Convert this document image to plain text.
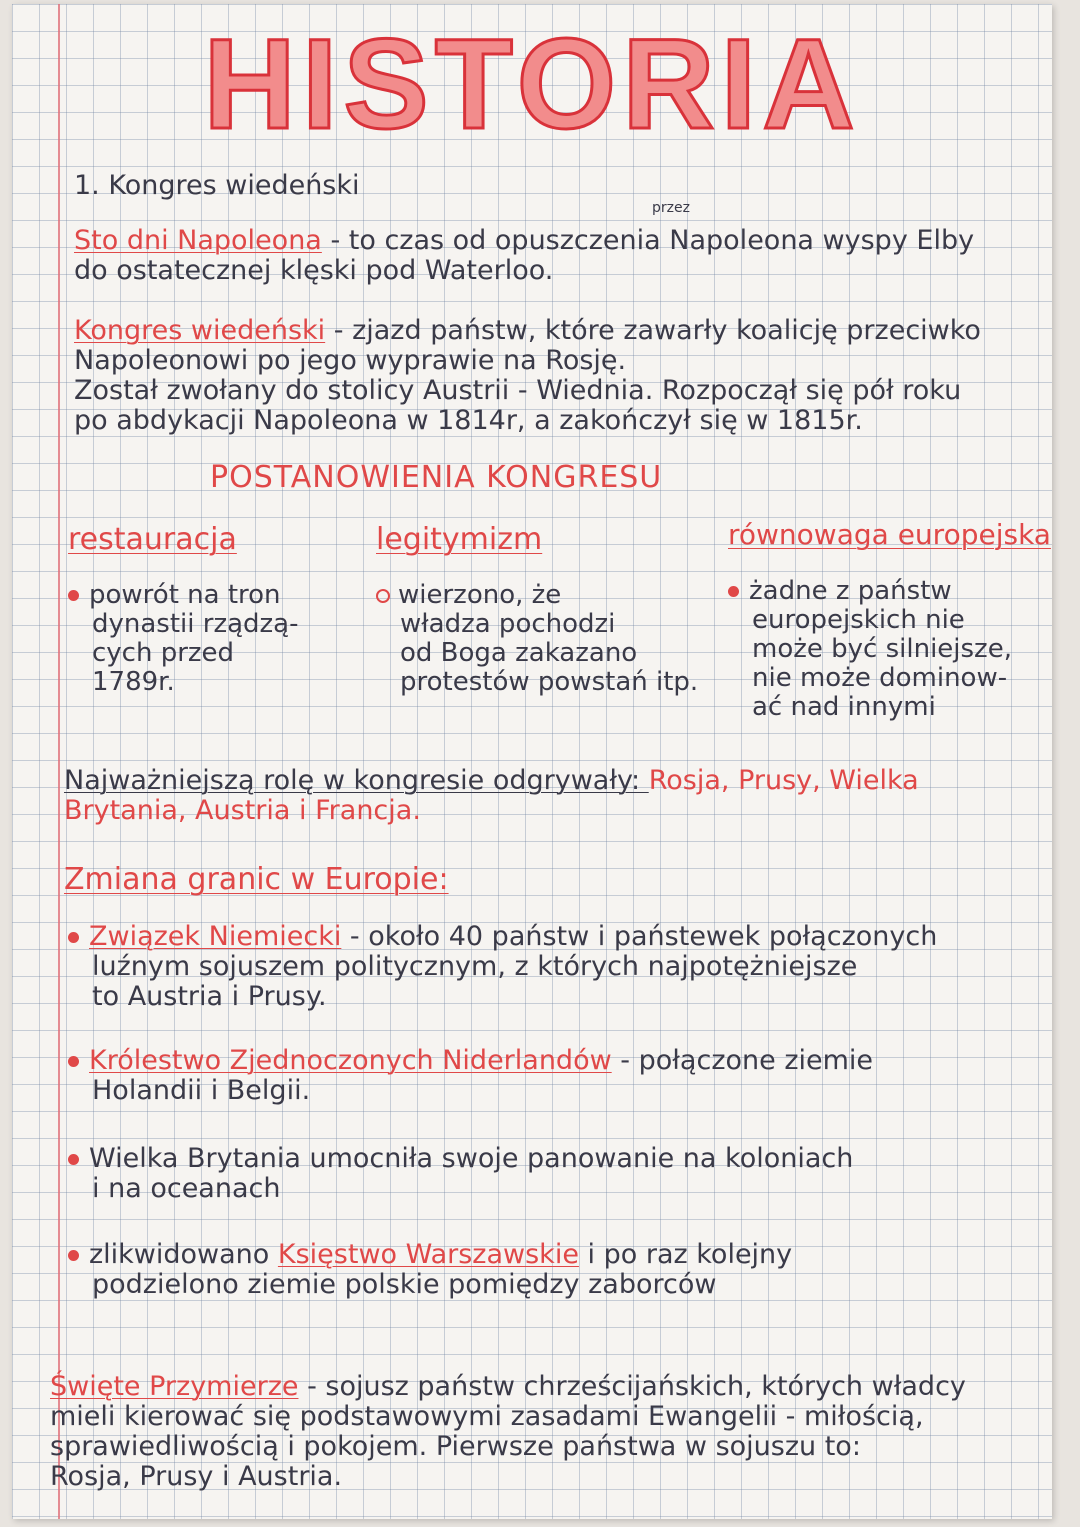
HISTORIA
1. Kongres wiedeński
przez
Sto dni Napoleona - to czas od opuszczenia Napoleona wyspy Elby
do ostatecznej klęski pod Waterloo.
Kongres wiedeński - zjazd państw, które zawarły koalicję przeciwko
Napoleonowi po jego wyprawie na Rosję.
Został zwołany do stolicy Austrii - Wiednia. Rozpoczął się pół roku
po abdykacji Napoleona w 1814r, a zakończył się w 1815r.
POSTANOWIENIA KONGRESU
restauracja
powrót na tron
dynastii rządzą-
cych przed
1789r.
legitymizm
wierzono, że
władza pochodzi
od Boga zakazano
protestów powstań itp.
równowaga europejska
żadne z państw
europejskich nie
może być silniejsze,
nie może dominow-
ać nad innymi
Najważniejszą rolę w kongresie odgrywały: Rosja, Prusy, Wielka
Brytania, Austria i Francja.
Zmiana granic w Europie:
Związek Niemiecki - około 40 państw i państewek połączonych
luźnym sojuszem politycznym, z których najpotężniejsze
to Austria i Prusy.
Królestwo Zjednoczonych Niderlandów - połączone ziemie
Holandii i Belgii.
Wielka Brytania umocniła swoje panowanie na koloniach
i na oceanach
zlikwidowano Księstwo Warszawskie i po raz kolejny
podzielono ziemie polskie pomiędzy zaborców
Święte Przymierze - sojusz państw chrześcijańskich, których władcy
mieli kierować się podstawowymi zasadami Ewangelii - miłością,
sprawiedliwością i pokojem. Pierwsze państwa w sojuszu to:
Rosja, Prusy i Austria.
